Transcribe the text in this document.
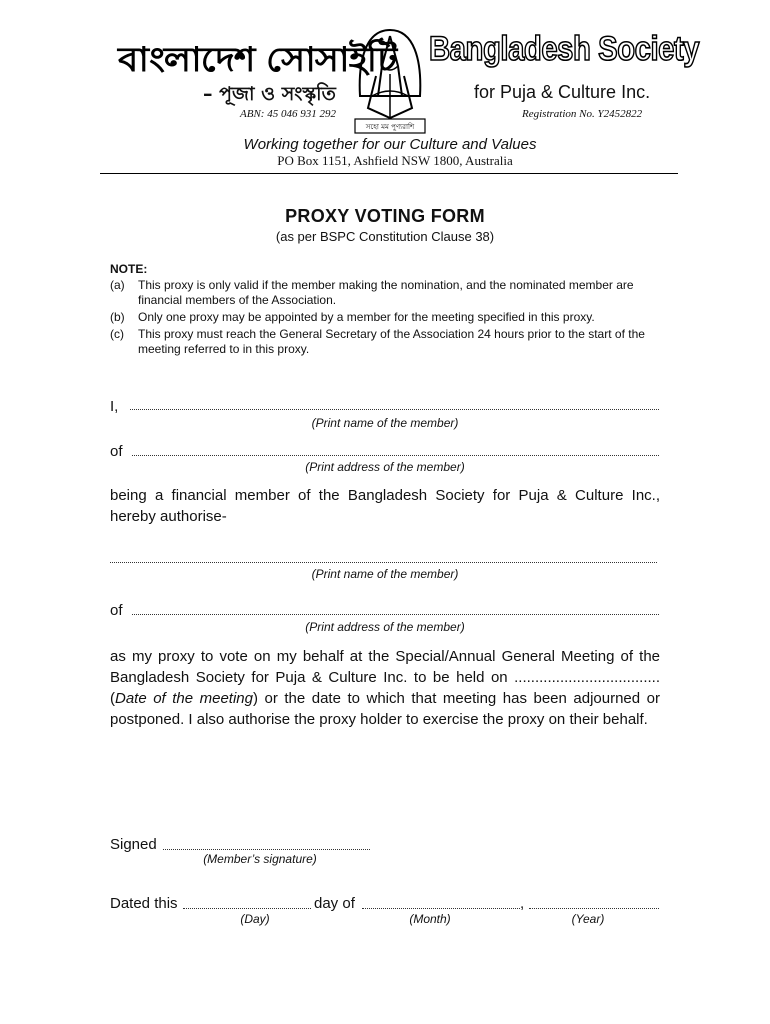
বাংলাদেশ সোসাইটি
– পূজা ও সংস্কৃতি
সহো মম পুণ্যরাশি
Bangladesh Society
for Puja & Culture Inc.
ABN: 45 046 931 292	Registration No. Y2452822
Working together for our Culture and Values
PO Box 1151, Ashfield NSW 1800, Australia
PROXY VOTING FORM
(as per BSPC Constitution Clause 38)
NOTE:
(a)	This proxy is only valid if the member making the nomination, and the nominated member are financial members of the Association.
(b)	Only one proxy may be appointed by a member for the meeting specified in this proxy.
(c)	This proxy must reach the General Secretary of the Association 24 hours prior to the start of the meeting referred to in this proxy.
I,
(Print name of the member)
of
(Print address of the member)
being a financial member of the Bangladesh Society for Puja & Culture Inc., hereby authorise-
(Print name of the member)
of
(Print address of the member)
as my proxy to vote on my behalf at the Special/Annual General Meeting of the Bangladesh Society for Puja & Culture Inc. to be held on ................................... (Date of the meeting) or the date to which that meeting has been adjourned or postponed. I also authorise the proxy holder to exercise the proxy on their behalf.
Signed
(Member’s signature)
Dated this	day of	,
(Day)	(Month)	(Year)
